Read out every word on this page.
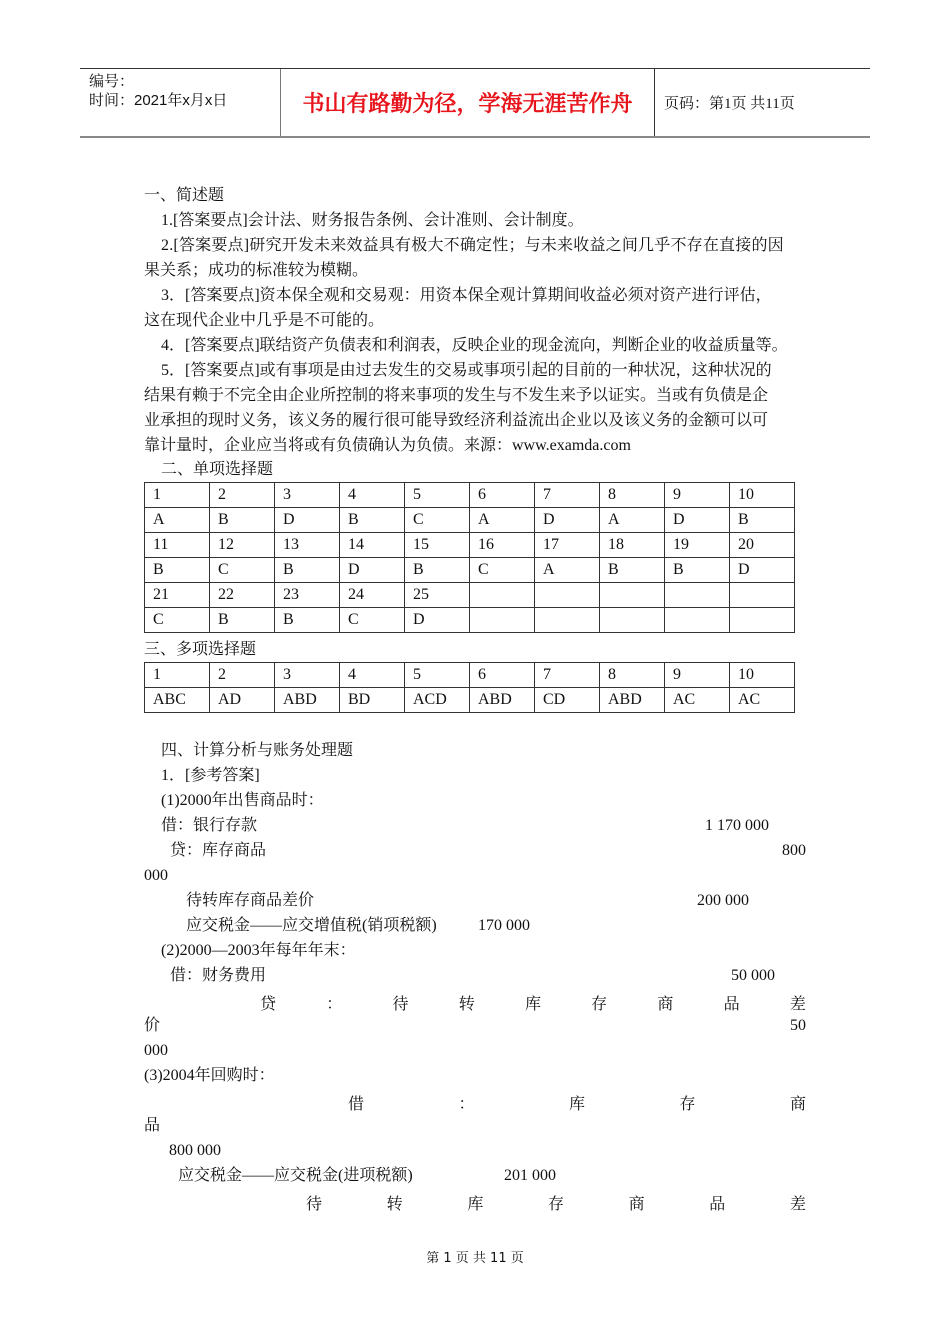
编号：
时间：2021年x月x日	书山有路勤为径，学海无涯苦作舟	页码：第1页 共11页
一、简述题
1.[答案要点]会计法、财务报告条例、会计准则、会计制度。
2.[答案要点]研究开发未来效益具有极大不确定性；与未来收益之间几乎不存在直接的因
果关系；成功的标准较为模糊。
3．[答案要点]资本保全观和交易观：用资本保全观计算期间收益必须对资产进行评估，
这在现代企业中几乎是不可能的。
4．[答案要点]联结资产负债表和利润表，反映企业的现金流向，判断企业的收益质量等。
5．[答案要点]或有事项是由过去发生的交易或事项引起的目前的一种状况，这种状况的
结果有赖于不完全由企业所控制的将来事项的发生与不发生来予以证实。当或有负债是企
业承担的现时义务，该义务的履行很可能导致经济利益流出企业以及该义务的金额可以可
靠计量时，企业应当将或有负债确认为负债。来源：www.examda.com
二、单项选择题
1	2	3	4	5	6	7	8	9	10
A	B	D	B	C	A	D	A	D	B
11	12	13	14	15	16	17	18	19	20
B	C	B	D	B	C	A	B	B	D
21	22	23	24	25					
C	B	B	C	D					
三、多项选择题
1	2	3	4	5	6	7	8	9	10
ABC	AD	ABD	BD	ACD	ABD	CD	ABD	AC	AC
四、计算分析与账务处理题
1．[参考答案]
(1)2000年出售商品时：
借：银行存款	1 170 000
贷：库存商品	800
000
待转库存商品差价	200 000
应交税金——应交增值税(销项税额)	170 000
(2)2000—2003年每年年末：
借：财务费用	50 000
贷	：	待	转	库	存	商	品	差
价	50
000
(3)2004年回购时：
借	：	库	存	商
品
800 000
应交税金——应交税金(进项税额)	201 000
待	转	库	存	商	品	差
第 1 页 共 11 页
